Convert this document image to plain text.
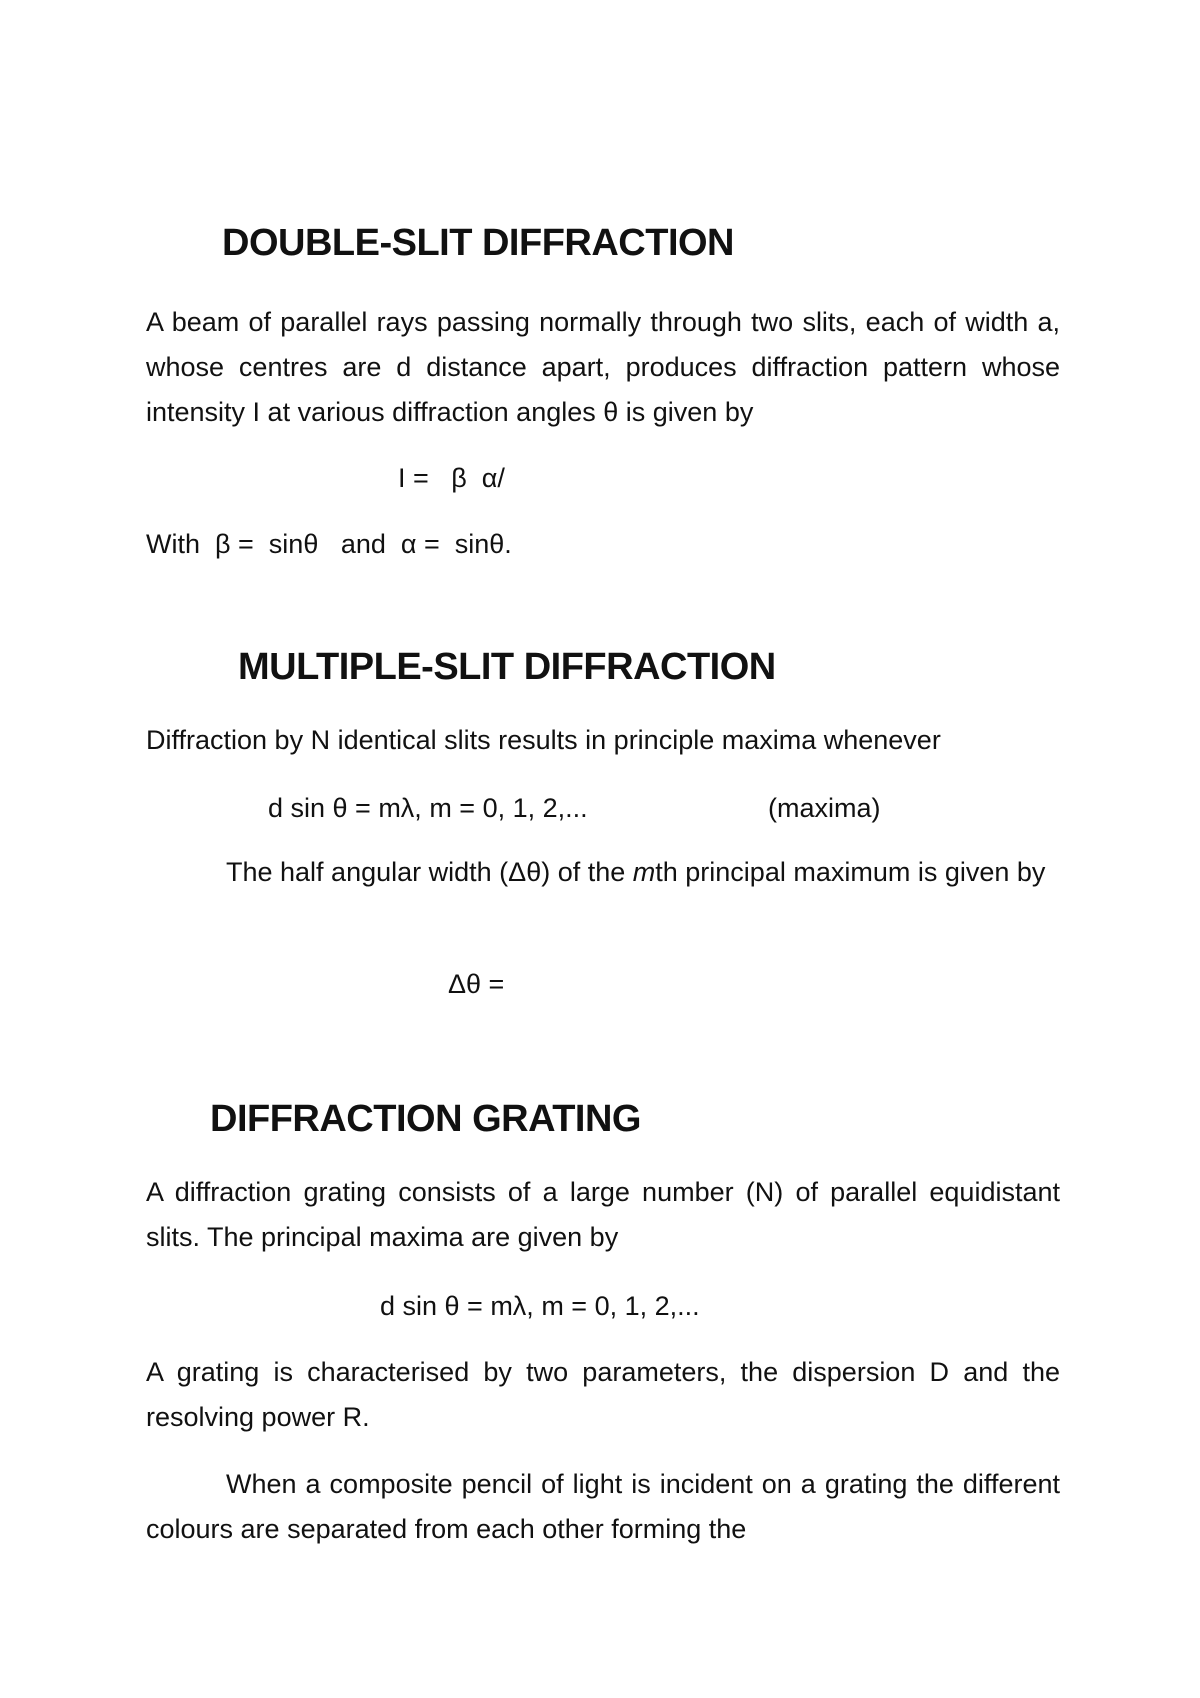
DOUBLE-SLIT DIFFRACTION

A beam of parallel rays passing normally through two slits, each of width a, whose centres are d distance apart, produces diffraction pattern whose intensity I at various diffraction angles θ is given by

I =   β  α/

With  β =  sinθ   and  α =  sinθ.

MULTIPLE-SLIT DIFFRACTION

Diffraction by N identical slits results in principle maxima whenever

d sin θ = mλ, m = 0, 1, 2,...	(maxima)

The half angular width (Δθ) of the mth principal maximum is given by

Δθ =

DIFFRACTION GRATING

A diffraction grating consists of a large number (N) of parallel equidistant slits. The principal maxima are given by

d sin θ = mλ, m = 0, 1, 2,...

A grating is characterised by two parameters, the dispersion D and the resolving power R.

When a composite pencil of light is incident on a grating the different colours are separated from each other forming the
